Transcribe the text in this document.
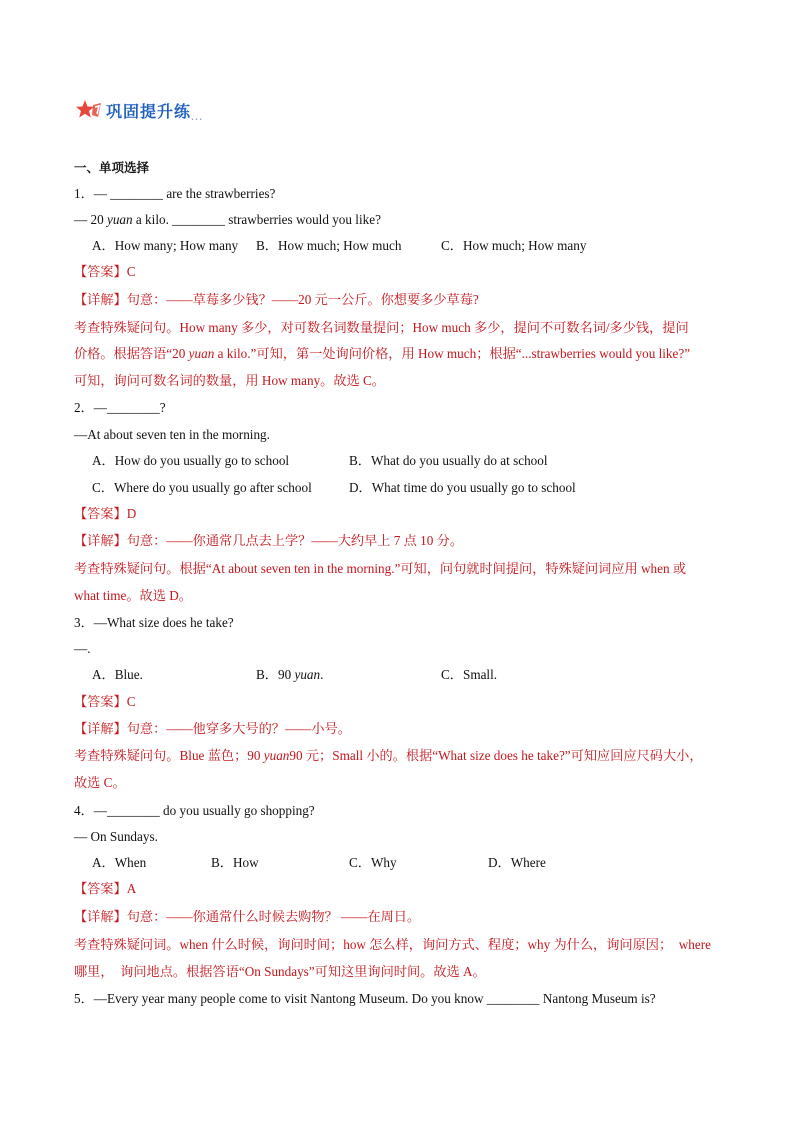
巩固提升练...
一、单项选择
1．— ________ are the strawberries?
— 20 yuan a kilo. ________ strawberries would you like?
A．How many; How many B．How much; How much	C．How much; How many
【答案】C
【详解】句意：——草莓多少钱？——20 元一公斤。你想要多少草莓?
考查特殊疑问句。How many 多少，对可数名词数量提问；How much 多少，提问不可数名词/多少钱，提问
价格。根据答语“20 yuan a kilo.”可知，第一处询问价格，用 How much；根据“...strawberries would you like?”
可知，询问可数名词的数量，用 How many。故选 C。
2．—________?
—At about seven ten in the morning.
A．How do you usually go to school	B．What do you usually do at school
C．Where do you usually go after school	D．What time do you usually go to school
【答案】D
【详解】句意：——你通常几点去上学？——大约早上 7 点 10 分。
考查特殊疑问句。根据“At about seven ten in the morning.”可知，问句就时间提问，特殊疑问词应用 when 或
what time。故选 D。
3．—What size does he take?
—.
A．Blue.	B．90 yuan.	C．Small.
【答案】C
【详解】句意：——他穿多大号的？——小号。
考查特殊疑问句。Blue 蓝色；90 yuan90 元；Small 小的。根据“What size does he take?”可知应回应尺码大小，
故选 C。
4．—________ do you usually go shopping?
— On Sundays.
A．When	B．How	C．Why	D．Where
【答案】A
【详解】句意：——你通常什么时候去购物？ ——在周日。
考查特殊疑问词。when 什么时候，询问时间；how 怎么样，询问方式、程度；why 为什么，询问原因；  where
哪里，  询问地点。根据答语“On Sundays”可知这里询问时间。故选 A。
5．—Every year many people come to visit Nantong Museum. Do you know ________ Nantong Museum is?
